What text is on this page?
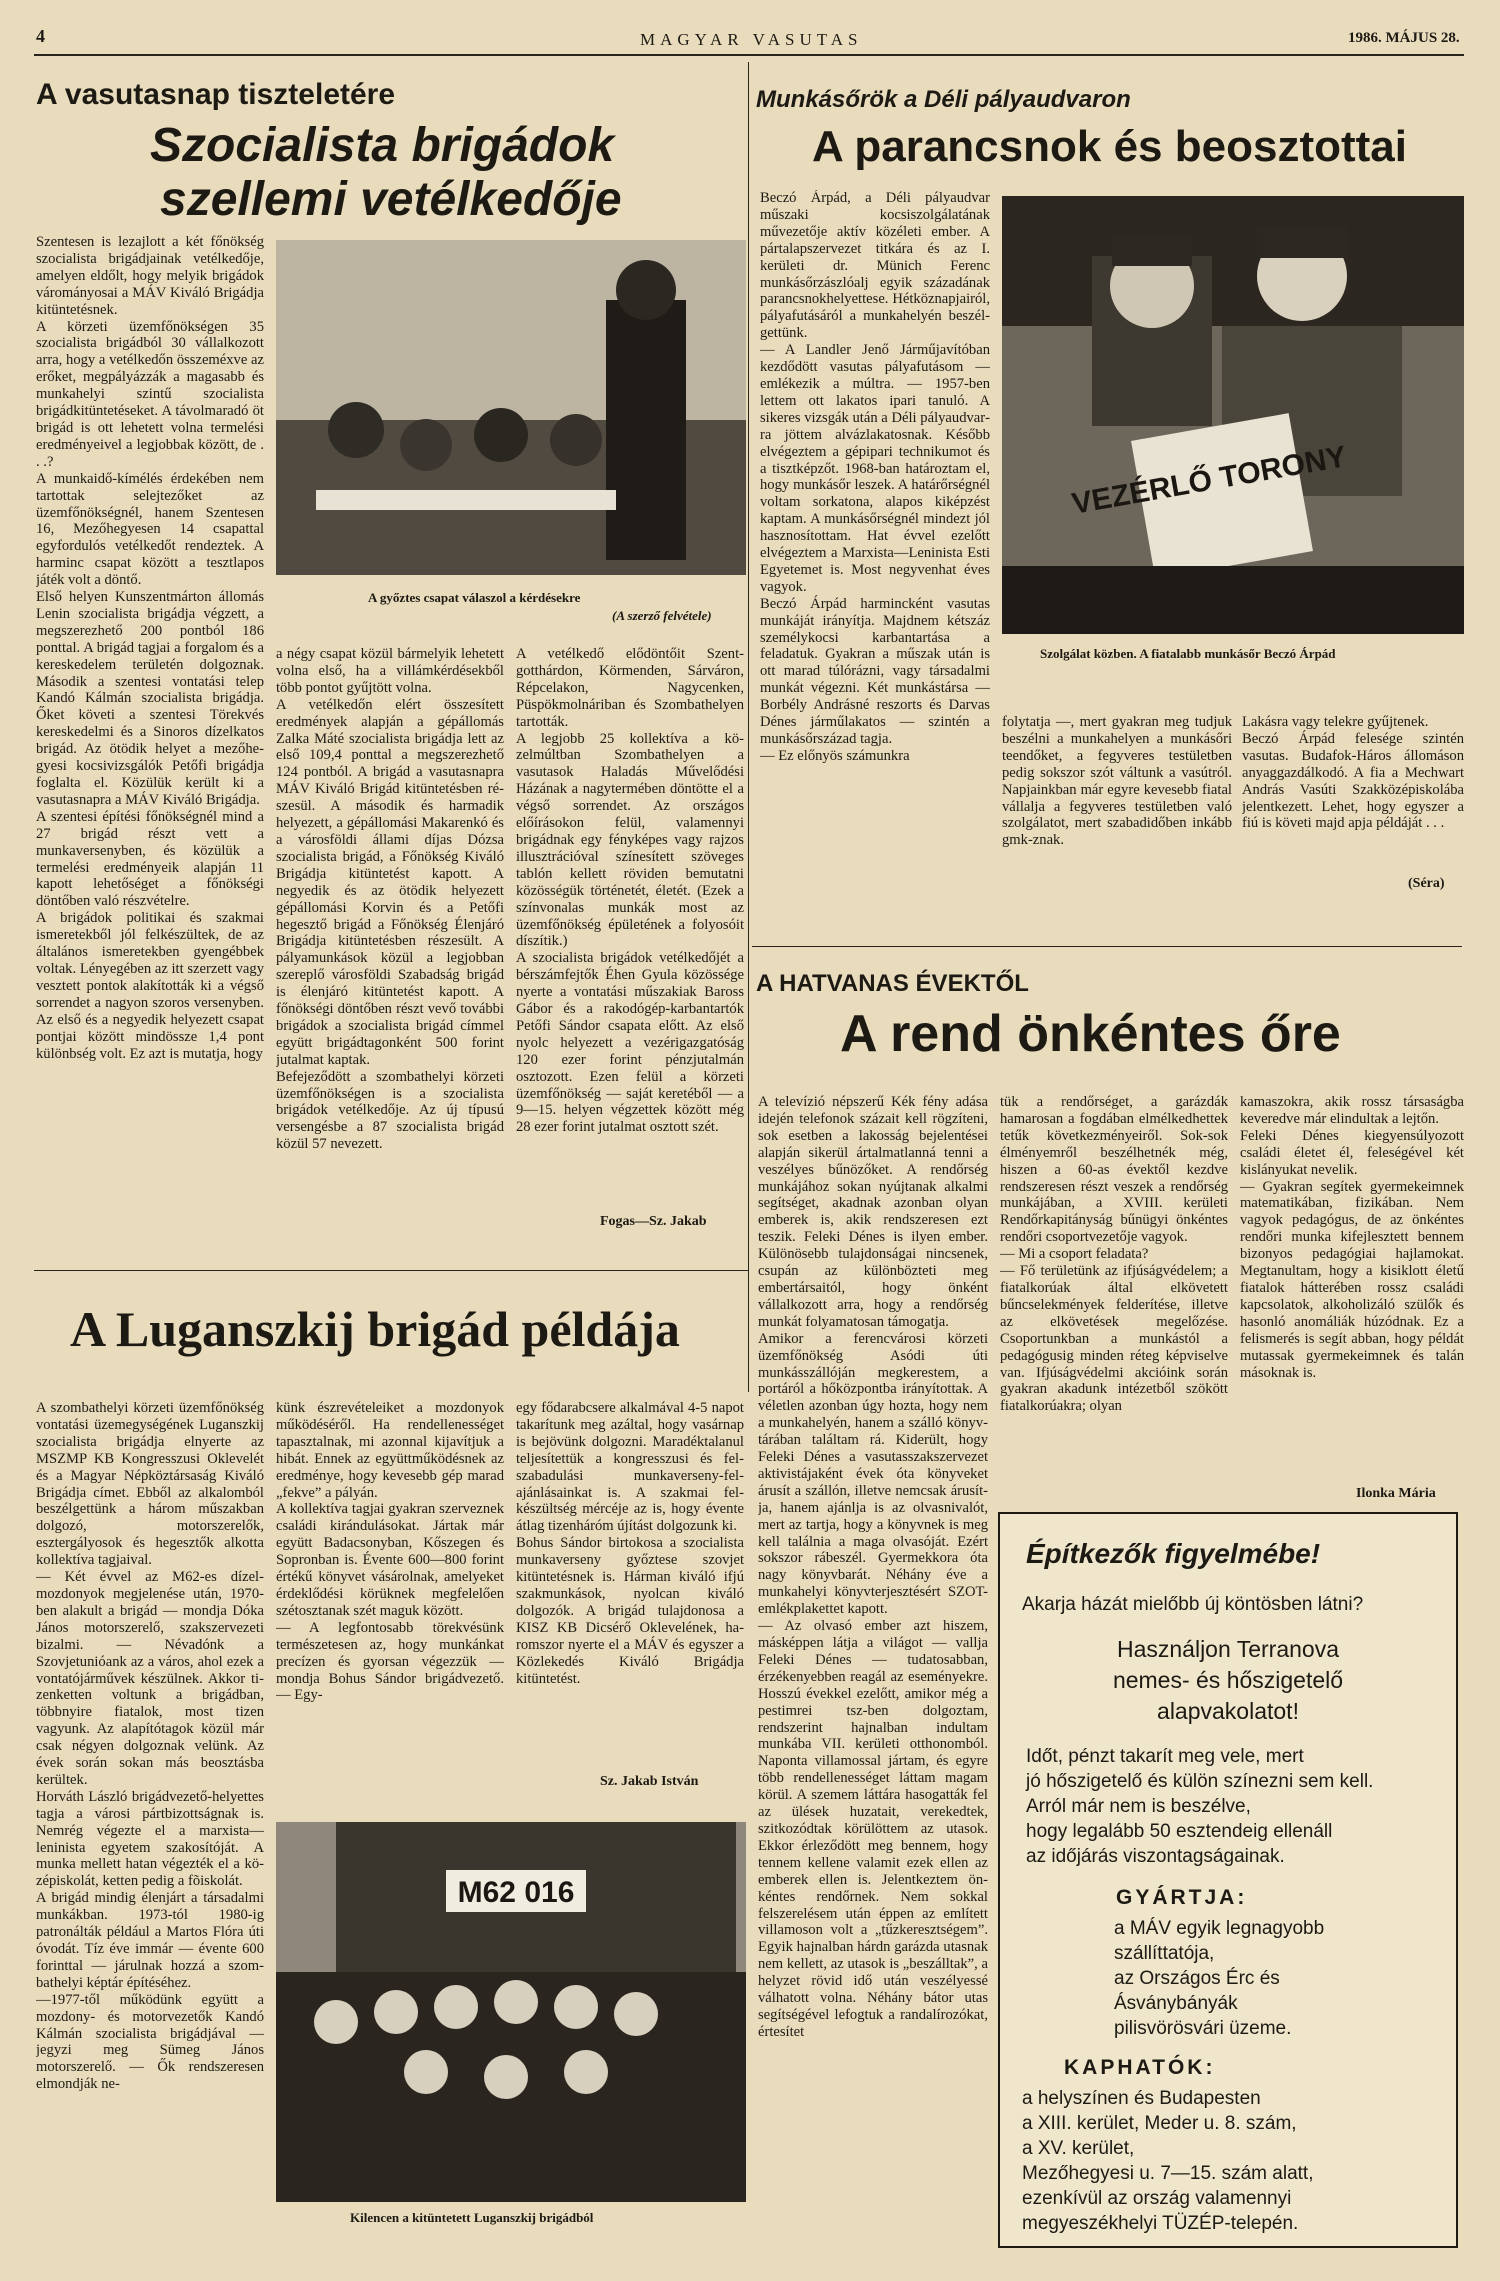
4	MAGYAR VASUTAS	1986. MÁJUS 28.
A vasutasnap tiszteletére
Szocialista brigádok
szellemi vetélkedője
A győztes csapat válaszol a kérdésekre
(A szerző felvétele)
Szentesen is lezajlott a két főnökség szocialista brigádjainak vetélkedője, amelyen eldőlt, hogy melyik brigádok várományosai a MÁV Kiváló Brigádja kitüntetésnek.
A körzeti üzemfőnökségen 35 szocialista brigádból 30 vállalkozott arra, hogy a vetélkedőn összeméxve az erőket, megpályázzák a magasabb és munkahelyi szintű szocialista brigádkitüntetéseket. A távolmaradó öt brigád is ott lehetett volna termelési eredményeivel a legjobbak között, de . . .?
A munkaidő-kímélés érdekében nem tartottak selejtezőket az üzemfőnökségnél, hanem Szentesen 16, Mezőhegyesen 14 csapattal egyfordulós vetélkedőt rendeztek. A harminc csapat között a tesztlapos játék volt a döntő.
Első helyen Kunszentmárton állomás Lenin szocialista brigádja végzett, a megszerezhető 200 pontból 186 ponttal. A brigád tagjai a forgalom és a kereskedelem területén dolgoznak. Második a szentesi vontatási telep Kandó Kálmán szocialista brigádja. Őket követi a szentesi Törekvés kereskedelmi és a Sinoros dízelkatos brigád. Az ötödik helyet a mezőhegyesi kocsivizsgálók Petőfi brigádja foglalta el. Közülük került ki a vasutasnapra a MÁV Kiváló Brigádja.
A szentesi építési főnökségnél mind a 27 brigád részt vett a munkaversenyben, és közülük a termelési eredményeik alapján 11 kapott lehetőséget a főnökségi döntőben való részvételre.
A brigádok politikai és szakmai ismeretekből jól felkészültek, de az általános ismeretekben gyengébbek voltak. Lényegében az itt szerzett vagy vesztett pontok alakították ki a végső sorrendet a nagyon szoros versenyben. Az első és a negyedik helyezett csapat pontjai között mindössze 1,4 pont különbség volt. Ez azt is mutatja, hogy
a négy csapat közül bármelyik lehetett volna első, ha a villámkérdésekből több pontot gyűjtött volna.
A vetélkedőn elért összesített eredmények alapján a gépállomás Zalka Máté szocialista brigádja lett az első 109,4 ponttal a megszerezhető 124 pontból. A brigád a vasutasnapra MÁV Kiváló Brigád kitüntetésben részesül. A második és harmadik helyezett, a gépállomási Makarenkó és a városföldi állami díjas Dózsa szocialista brigád, a Főnökség Kiváló Brigádja kitüntetést kapott. A negyedik és az ötödik helyezett gépállomási Korvin és a Petőfi hegesztő brigád a Főnökség Élenjáró Brigádja kitüntetésben részesült. A pályamunkások közül a legjobban szereplő városföldi Szabadság brigád is élenjáró kitüntetést kapott. A főnökségi döntőben részt vevő további brigádok a szocialista brigád címmel együtt brigádtagonként 500 forint jutalmat kaptak.
Befejeződött a szombathelyi körzeti üzemfőnökségen is a szocialista brigádok vetélkedője. Az új típusú versengésbe a 87 szocialista brigád közül 57 nevezett.
A vetélkedő elődöntőit Szentgotthárdon, Körmenden, Sárváron, Répcelakon, Nagycenken, Püspökmolnáriban és Szombathelyen tartották.
A legjobb 25 kollektíva a közelmúltban Szombathelyen a vasutasok Haladás Művelődési Házának a nagytermében döntötte el a végső sorrendet. Az országos előírásokon felül, valamennyi brigádnak egy fényképes vagy rajzos illusztrációval színesített szöveges tablón kellett röviden bemutatni közösségük történetét, életét. (Ezek a színvonalas munkák most az üzemfőnökség épületének a folyosóit díszítik.)
A szocialista brigádok vetélkedőjét a bérszámfejtők Éhen Gyula közössége nyerte a vontatási műszakiak Baross Gábor és a rakodógép-karbantartók Petőfi Sándor csapata előtt. Az első nyolc helyezett a vezérigazgatóság 120 ezer forint pénzjutalmán osztozott. Ezen felül a körzeti üzemfőnökség — saját keretéből — a 9—15. helyen végzettek között még 28 ezer forint jutalmat osztott szét.
Fogas—Sz. Jakab
A Luganszkij brigád példája
A szombathelyi körzeti üzemfőnökség vontatási üzemegységének Luganszkij szocialista brigádja elnyerte az MSZMP KB Kongresszusi Oklevelét és a Magyar Népköztársaság Kiváló Brigádja címet. Ebből az alkalomból beszélgettünk a három műszakban dolgozó, motorszerelők, esztergályosok és hegesztők alkotta kollektíva tagjaival.
— Két évvel az M62-es dízelmozdonyok megjelenése után, 1970-ben alakult a brigád — mondja Dóka János motorszerelő, szakszervezeti bizalmi. — Névadónk a Szovjetunióank az a város, ahol ezek a vontatójárművek készülnek. Akkor tizenketten voltunk a brigádban, többnyire fiatalok, most tizen vagyunk. Az alapítótagok közül már csak négyen dolgoznak velünk. Az évek során sokan más beosztásba kerültek.
Horváth László brigádvezető-helyettes tagja a városi pártbizottságnak is. Nemrég végezte el a marxista—leninista egyetem szakosítóját. A munka mellett hatan végezték el a középiskolát, ketten pedig a fõiskolát.
A brigád mindig élenjárt a társadalmi munkákban. 1973-tól 1980-ig patronálták például a Martos Flóra úti óvodát. Tíz éve immár — évente 600 forinttal — járulnak hozzá a szombathelyi képtár építéséhez.
—1977-től működünk együtt a mozdony- és motorvezetők Kandó Kálmán szocialista brigádjával — jegyzi meg Sümeg János motorszerelő. — Ők rendszeresen elmondják ne-
künk észrevételeiket a mozdonyok működéséről. Ha rendellenességet tapasztalnak, mi azonnal kijavítjuk a hibát. Ennek az együttműködésnek az eredménye, hogy kevesebb gép marad „fekve” a pályán.
A kollektíva tagjai gyakran szerveznek családi kirándulásokat. Jártak már együtt Badacsonyban, Kőszegen és Sopronban is. Évente 600—800 forint értékű könyvet vásárolnak, amelyeket érdeklődési körüknek megfelelően szétosztanak szét maguk között.
— A legfontosabb törekvésünk természetesen az, hogy munkánkat precízen és gyorsan végezzük — mondja Bohus Sándor brigádvezető. — Egy-
egy fődarabcsere alkalmával 4-5 napot takarítunk meg azáltal, hogy vasárnap is bejövünk dolgozni. Maradéktalanul teljesítettük a kongresszusi és felszabadulási munkaverseny-felajánlásainkat is. A szakmai felkészültség mércéje az is, hogy évente átlag tizenháróm újítást dolgozunk ki.
Bohus Sándor birtokosa a szocialista munkaverseny győztese szovjet kitüntetésnek is. Hárman kiváló ifjú szakmunkások, nyolcan kiváló dolgozók. A brigád tulajdonosa a KISZ KB Dicsérő Oklevelének, haromszor nyerte el a MÁV és egyszer a Közlekedés Kiváló Brigádja kitüntetést.
Sz. Jakab István
M62 016
Kilencen a kitüntetett Luganszkij brigádból
Munkásőrök a Déli pályaudvaron
A parancsnok és beosztottai
VEZÉRLŐ TORONY
Szolgálat közben. A fiatalabb munkásőr Beczó Árpád
Beczó Árpád, a Déli pályaudvar műszaki kocsiszolgálatának művezetője aktív közéleti ember. A pártalapszervezet titkára és az I. kerületi dr. Münich Ferenc munkásőrzászlóalj egyik századának parancsnokhelyettese. Hétköznapjairól, pályafutásáról a munkahelyén beszélgettünk.
— A Landler Jenő Járműjavítóban kezdődött vasutas pályafutásom — emlékezik a múltra. — 1957-ben lettem ott lakatos ipari tanuló. A sikeres vizsgák után a Déli pályaudvarra jöttem alvázlakatosnak. Később elvégeztem a gépipari technikumot és a tisztképzőt. 1968-ban határoztam el, hogy munkásőr leszek. A határőrségnél voltam sorkatona, alapos kiképzést kaptam. A munkásőrségnél mindezt jól hasznosítottam. Hat évvel ezelőtt elvégeztem a Marxista—Leninista Esti Egyetemet is. Most negyvenhat éves vagyok.
Beczó Árpád harmincként vasutas munkáját irányítja. Majdnem kétszáz személykocsi karbantartása a feladatuk. Gyakran a műszak után is ott marad túlórázni, vagy társadalmi munkát végezni. Két munkástársa — Borbély Andrásné reszorts és Darvas Dénes járműlakatos — szintén a munkásőrszázad tagja.
— Ez előnyös számunkra
folytatja —, mert gyakran meg tudjuk beszélni a munkahelyen a munkásőri teendőket, a fegyveres testületben pedig sokszor szót váltunk a vasútról. Napjainkban már egyre kevesebb fiatal vállalja a fegyveres testületben való szolgálatot, mert szabadidőben inkább gmk-znak.
Lakásra vagy telekre gyűjtenek.
Beczó Árpád felesége szintén vasutas. Budafok-Háros állomáson anyaggazdálkodó. A fia a Mechwart András Vasúti Szakközépiskolába jelentkezett. Lehet, hogy egyszer a fiú is követi majd apja példáját . . .
(Séra)
A HATVANAS ÉVEKTŐL
A rend önkéntes őre
A televízió népszerű Kék fény adása idején telefonok százait kell rögzíteni, sok esetben a lakosság bejelentései alapján sikerül ártalmatlanná tenni a veszélyes bűnözőket. A rendőrség munkájához sokan nyújtanak alkalmi segítséget, akadnak azonban olyan emberek is, akik rendszeresen ezt teszik. Feleki Dénes is ilyen ember. Különösebb tulajdonságai nincsenek, csupán az különbözteti meg embertársaitól, hogy önként vállalkozott arra, hogy a rendőrség munkát folyamatosan támogatja.
Amikor a ferencvárosi körzeti üzemfőnökség Asódi úti munkásszállóján megkerestem, a portáról a hőközpontba irányítottak. A véletlen azonban úgy hozta, hogy nem a munkahelyén, hanem a szálló könyvtárában találtam rá. Kiderült, hogy Feleki Dénes a vasutasszakszervezet aktivistájaként évek óta könyveket árusít a szállón, illetve nemcsak árusítja, hanem ajánlja is az olvasnivalót, mert az tartja, hogy a könyvnek is meg kell találnia a maga olvasóját. Ezért sokszor rábeszél. Gyermekkora óta nagy könyvbarát. Néhány éve a munkahelyi könyvterjesztésért SZOT-emlékplakettet kapott.
— Az olvasó ember azt hiszem, másképpen látja a világot — vallja Feleki Dénes — tudatosabban, érzékenyebben reagál az eseményekre. Hosszú évekkel ezelőtt, amikor még a pestimrei tsz-ben dolgoztam, rendszerint hajnalban indultam munkába VII. kerületi otthonomból. Naponta villamossal jártam, és egyre több rendellenességet láttam magam körül. A szemem láttára hasogatták fel az ülések huzatait, verekedtek, szitkozódtak körülöttem az utasok. Ekkor érleződött meg bennem, hogy tennem kellene valamit ezek ellen az emberek ellen is. Jelentkeztem önkéntes rendőrnek. Nem sokkal felszerelésem után éppen az említett villamoson volt a „tűzkeresztségem”. Egyik hajnalban hárdn garázda utasnak nem kellett, az utasok is „beszálltak”, a helyzet rövid idő után veszélyessé válhatott volna. Néhány bátor utas segítségével lefogtuk a randalírozókat, értesítet
tük a rendőrséget, a garázdák hamarosan a fogdában elmélkedhettek tetűk következményeiről. Sok-sok élményemről beszélhetnék még, hiszen a 60-as évektől kezdve rendszeresen részt veszek a rendőrség munkájában, a XVIII. kerületi Rendőrkapitányság bűnügyi önkéntes rendőri csoportvezetője vagyok.
— Mi a csoport feladata?
— Fő területünk az ifjúságvédelem; a fiatalkorúak által elkövetett bűncselekmények felderítése, illetve az elkövetések megelőzése. Csoportunkban a munkástól a pedagógusig minden réteg képviselve van. Ifjúságvédelmi akcióink során gyakran akadunk intézetből szökött fiatalkorúakra; olyan
kamaszokra, akik rossz társaságba keveredve már elindultak a lejtőn.
Feleki Dénes kiegyensúlyozott családi életet él, feleségével két kislányukat nevelik.
— Gyakran segítek gyermekeimnek matematikában, fizikában. Nem vagyok pedagógus, de az önkéntes rendőri munka kifejlesztett bennem bizonyos pedagógiai hajlamokat. Megtanultam, hogy a kisiklott életű fiatalok hátterében rossz családi kapcsolatok, alkoholizáló szülők és hasonló anomáliák húzódnak. Ez a felismerés is segít abban, hogy példát mutassak gyermekeimnek és talán másoknak is.
Ilonka Mária
Építkezők figyelmébe!
Akarja házát mielőbb új köntösben látni?
Használjon Terranova
nemes- és hőszigetelő
alapvakolatot!
Időt, pénzt takarít meg vele, mert
jó hőszigetelő és külön színezni sem kell.
Arról már nem is beszélve,
hogy legalább 50 esztendeig ellenáll
az időjárás viszontagságainak.
GYÁRTJA:
a MÁV egyik legnagyobb
szállíttatója,
az Országos Érc és
Ásványbányák
pilisvörösvári üzeme.
KAPHATÓK:
a helyszínen és Budapesten
a XIII. kerület, Meder u. 8. szám,
a XV. kerület,
Mezőhegyesi u. 7—15. szám alatt,
ezenkívül az ország valamennyi
megyeszékhelyi TÜZÉP-telepén.
